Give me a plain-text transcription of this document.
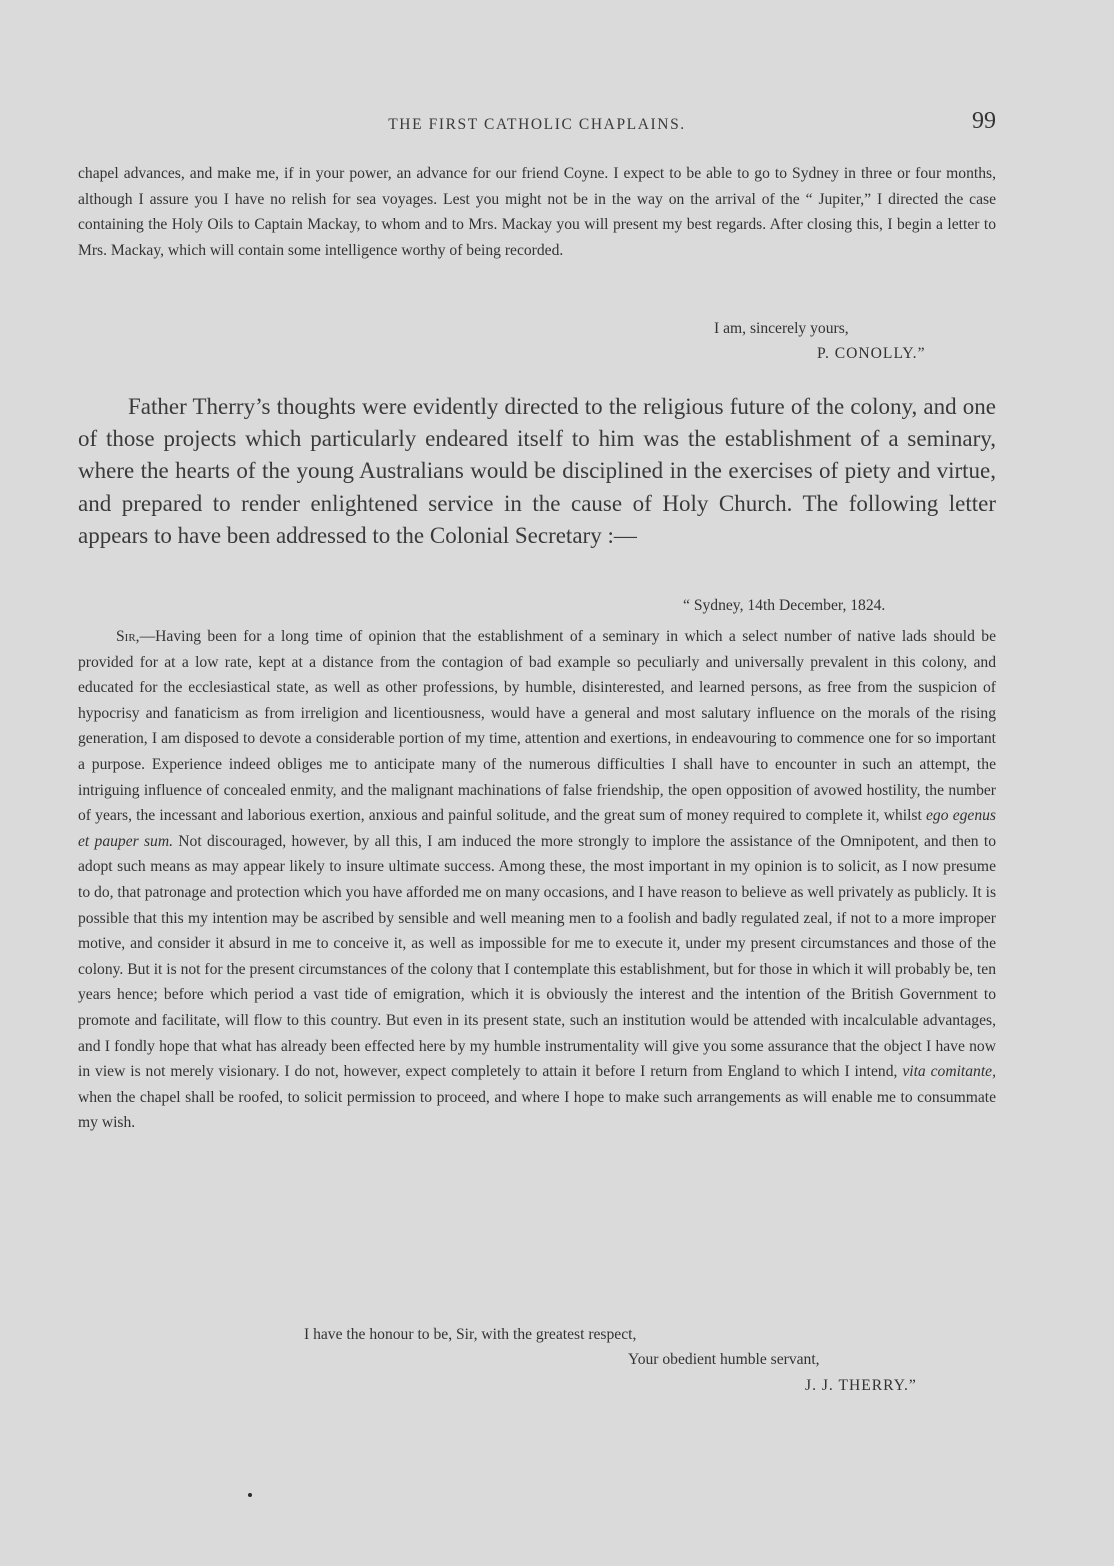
THE FIRST CATHOLIC CHAPLAINS.	99
chapel advances, and make me, if in your power, an advance for our friend Coyne. I expect to be able to go to Sydney in three or four months, although I assure you I have no relish for sea voyages. Lest you might not be in the way on the arrival of the “ Jupiter,” I directed the case containing the Holy Oils to Captain Mackay, to whom and to Mrs. Mackay you will present my best regards. After closing this, I begin a letter to Mrs. Mackay, which will contain some intelligence worthy of being recorded.
I am, sincerely yours,
P. CONOLLY.”

Father Therry’s thoughts were evidently directed to the religious future of the colony, and one of those projects which particularly endeared itself to him was the establishment of a seminary, where the hearts of the young Australians would be disciplined in the exercises of piety and virtue, and prepared to render enlightened service in the cause of Holy Church. The following letter appears to have been addressed to the Colonial Secretary :—

“ Sydney, 14th December, 1824.

Sir,—Having been for a long time of opinion that the establishment of a seminary in which a select number of native lads should be provided for at a low rate, kept at a distance from the contagion of bad example so peculiarly and universally prevalent in this colony, and educated for the ecclesiastical state, as well as other professions, by humble, disinterested, and learned persons, as free from the suspicion of hypocrisy and fanaticism as from irreligion and licentiousness, would have a general and most salutary influence on the morals of the rising generation, I am disposed to devote a considerable portion of my time, attention and exertions, in endeavouring to commence one for so important a purpose. Experience indeed obliges me to anticipate many of the numerous difficulties I shall have to encounter in such an attempt, the intriguing influence of concealed enmity, and the malignant machinations of false friendship, the open opposition of avowed hostility, the number of years, the incessant and laborious exertion, anxious and painful solitude, and the great sum of money required to complete it, whilst ego egenus et pauper sum. Not discouraged, however, by all this, I am induced the more strongly to implore the assistance of the Omnipotent, and then to adopt such means as may appear likely to insure ultimate success. Among these, the most important in my opinion is to solicit, as I now presume to do, that patronage and protection which you have afforded me on many occasions, and I have reason to believe as well privately as publicly. It is possible that this my intention may be ascribed by sensible and well meaning men to a foolish and badly regulated zeal, if not to a more improper motive, and consider it absurd in me to conceive it, as well as impossible for me to execute it, under my present circumstances and those of the colony. But it is not for the present circumstances of the colony that I contemplate this establishment, but for those in which it will probably be, ten years hence; before which period a vast tide of emigration, which it is obviously the interest and the intention of the British Government to promote and facilitate, will flow to this country. But even in its present state, such an institution would be attended with incalculable advantages, and I fondly hope that what has already been effected here by my humble instrumentality will give you some assurance that the object I have now in view is not merely visionary. I do not, however, expect completely to attain it before I return from England to which I intend, vita comitante, when the chapel shall be roofed, to solicit permission to proceed, and where I hope to make such arrangements as will enable me to consummate my wish.

I have the honour to be, Sir, with the greatest respect,
Your obedient humble servant,
J. J. THERRY.”
